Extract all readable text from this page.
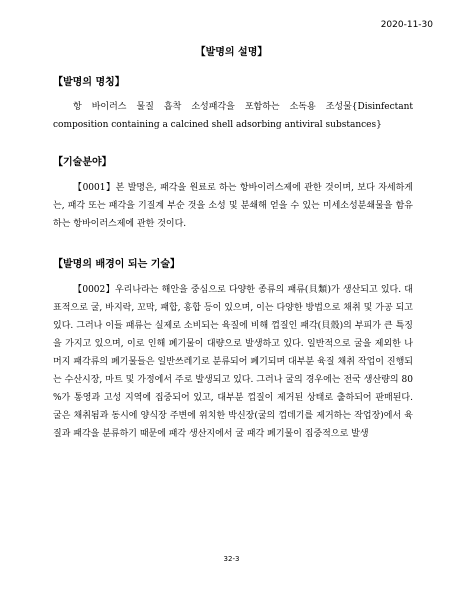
2020-11-30
【발명의 설명】
【발명의 명칭】

항 바이러스 물질 흡착 소성패각을 포함하는 소독용 조성물{Disinfectant composition containing a calcined shell adsorbing antiviral substances}

【기술분야】

【0001】본 발명은, 패각을 원료로 하는 항바이러스제에 관한 것이며, 보다 자세하게는, 패각 또는 패각을 기질계 부순 것을 소성 및 분쇄해 얻을 수 있는 미세소성분쇄물을 함유 하는 항바이러스제에 관한 것이다.

【발명의 배경이 되는 기술】

【0002】우리나라는 해안을 중심으로 다양한 종류의 패류(貝類)가 생산되고 있다. 대표적으로 굴, 바지락, 꼬막, 패합, 홍합 등이 있으며, 이는 다양한 방법으로 채취 및 가공 되고 있다. 그러나 이들 패류는 실제로 소비되는 육질에 비해 껍질인 패각(貝殼)의 부피가 큰 특징을 가지고 있으며, 이로 인해 폐기물이 대량으로 발생하고 있다. 일반적으로 굴을 제외한 나머지 패각류의 폐기물들은 일반쓰레기로 분류되어 폐기되며 대부분 육질 채취 작업이 진행되는 수산시장, 마트 및 가정에서 주로 발생되고 있다. 그러나 굴의 경우에는 전국 생산량의 80 %가 통영과 고성 지역에 집중되어 있고, 대부분 껍질이 제거된 상태로 출하되어 판매된다. 굴은 채취됨과 동시에 양식장 주변에 위치한 박신장(굴의 껍데기를 제거하는 작업장)에서 육질과 패각을 분류하기 때문에 패각 생산지에서 굴 패각 폐기물이 집중적으로 발생

32-3
